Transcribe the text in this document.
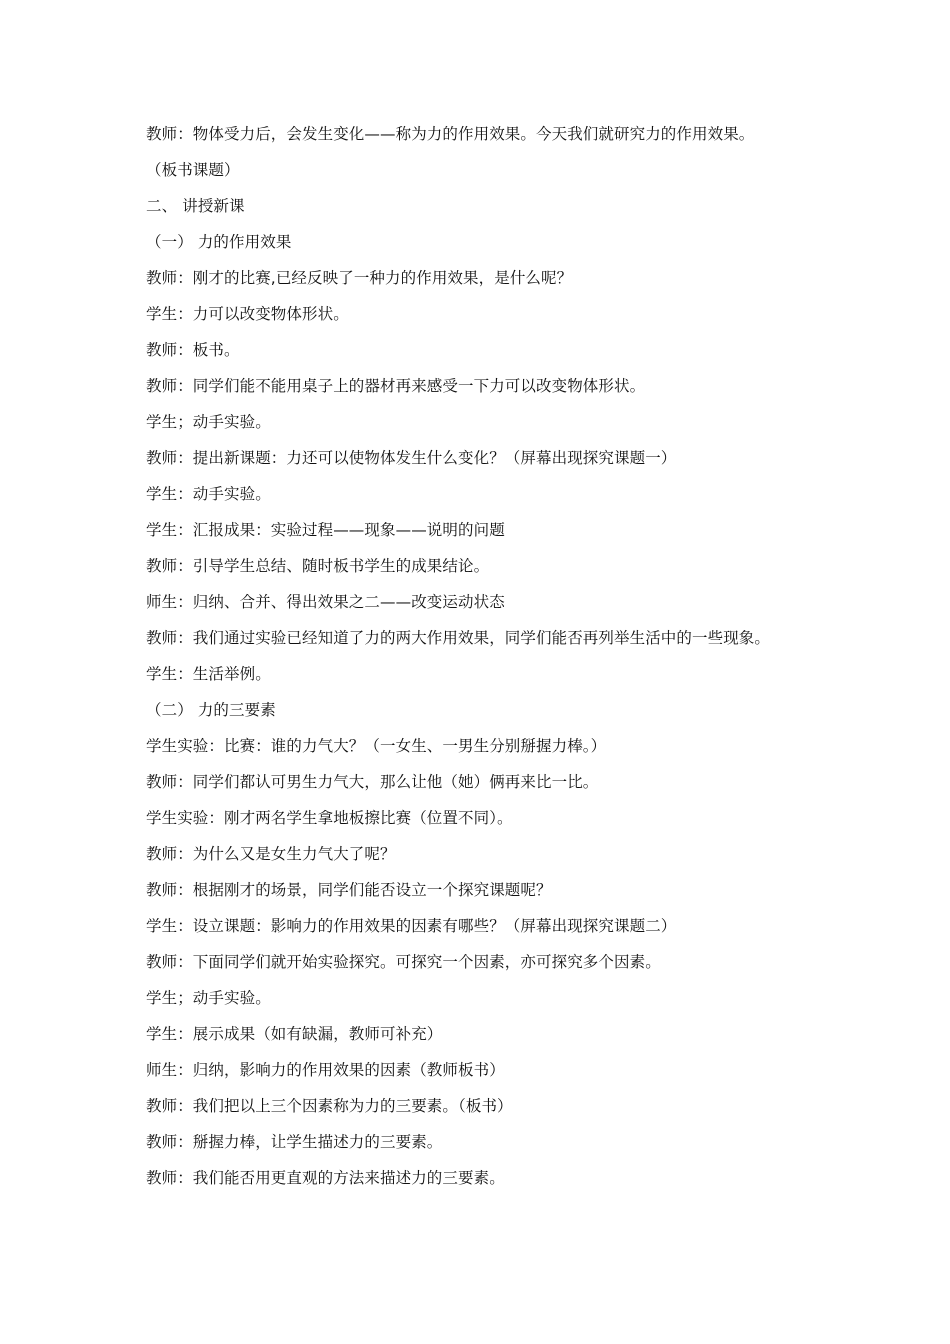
教师：物体受力后，会发生变化——称为力的作用效果。今天我们就研究力的作用效果。
（板书课题）
二、 讲授新课
（一） 力的作用效果
教师：刚才的比赛,已经反映了一种力的作用效果，是什么呢？
学生：力可以改变物体形状。
教师：板书。
教师：同学们能不能用桌子上的器材再来感受一下力可以改变物体形状。
学生；动手实验。
教师：提出新课题：力还可以使物体发生什么变化？（屏幕出现探究课题一）
学生：动手实验。
学生：汇报成果：实验过程——现象——说明的问题
教师：引导学生总结、随时板书学生的成果结论。
师生：归纳、合并、得出效果之二——改变运动状态
教师：我们通过实验已经知道了力的两大作用效果，同学们能否再列举生活中的一些现象。
学生：生活举例。
（二） 力的三要素
学生实验：比赛：谁的力气大？（一女生、一男生分别掰握力棒。）
教师：同学们都认可男生力气大，那么让他（她）俩再来比一比。
学生实验：刚才两名学生拿地板擦比赛（位置不同）。
教师：为什么又是女生力气大了呢？
教师：根据刚才的场景，同学们能否设立一个探究课题呢？
学生：设立课题：影响力的作用效果的因素有哪些？（屏幕出现探究课题二）
教师：下面同学们就开始实验探究。可探究一个因素，亦可探究多个因素。
学生；动手实验。
学生：展示成果（如有缺漏，教师可补充）
师生：归纳，影响力的作用效果的因素（教师板书）
教师：我们把以上三个因素称为力的三要素。（板书）
教师：掰握力棒，让学生描述力的三要素。
教师：我们能否用更直观的方法来描述力的三要素。
